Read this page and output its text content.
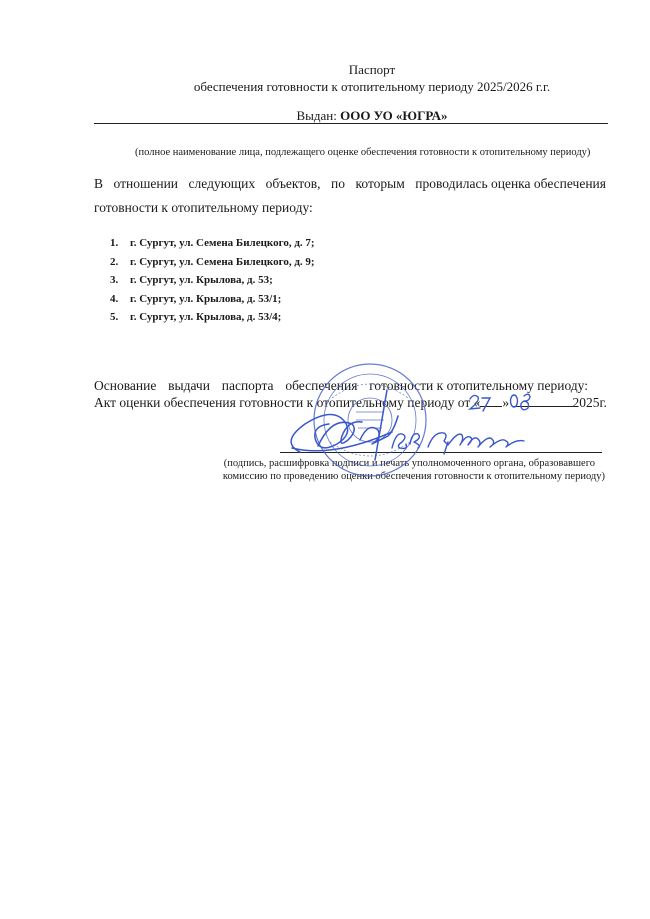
Паспорт
обеспечения готовности к отопительному периоду 2025/2026 г.г.
Выдан: ООО УО «ЮГРА»
(полное наименование лица, подлежащего оценке обеспечения готовности к отопительному периоду)
В отношении следующих объектов, по которым проводилась оценка обеспечения
готовности к отопительному периоду:
1.	г. Сургут, ул. Семена Билецкого, д. 7;
2.	г. Сургут, ул. Семена Билецкого, д. 9;
3.	г. Сургут, ул. Крылова, д. 53;
4.	г. Сургут, ул. Крылова, д. 53/1;
5.	г. Сургут, ул. Крылова, д. 53/4;
Основание выдачи паспорта обеспечения готовности к отопительному периоду:
Акт оценки обеспечения готовности к отопительному периоду от « »	2025г.
(подпись, расшифровка подписи и печать уполномоченного органа, образовавшего
комиссию по проведению оценки обеспечения готовности к отопительному периоду)
